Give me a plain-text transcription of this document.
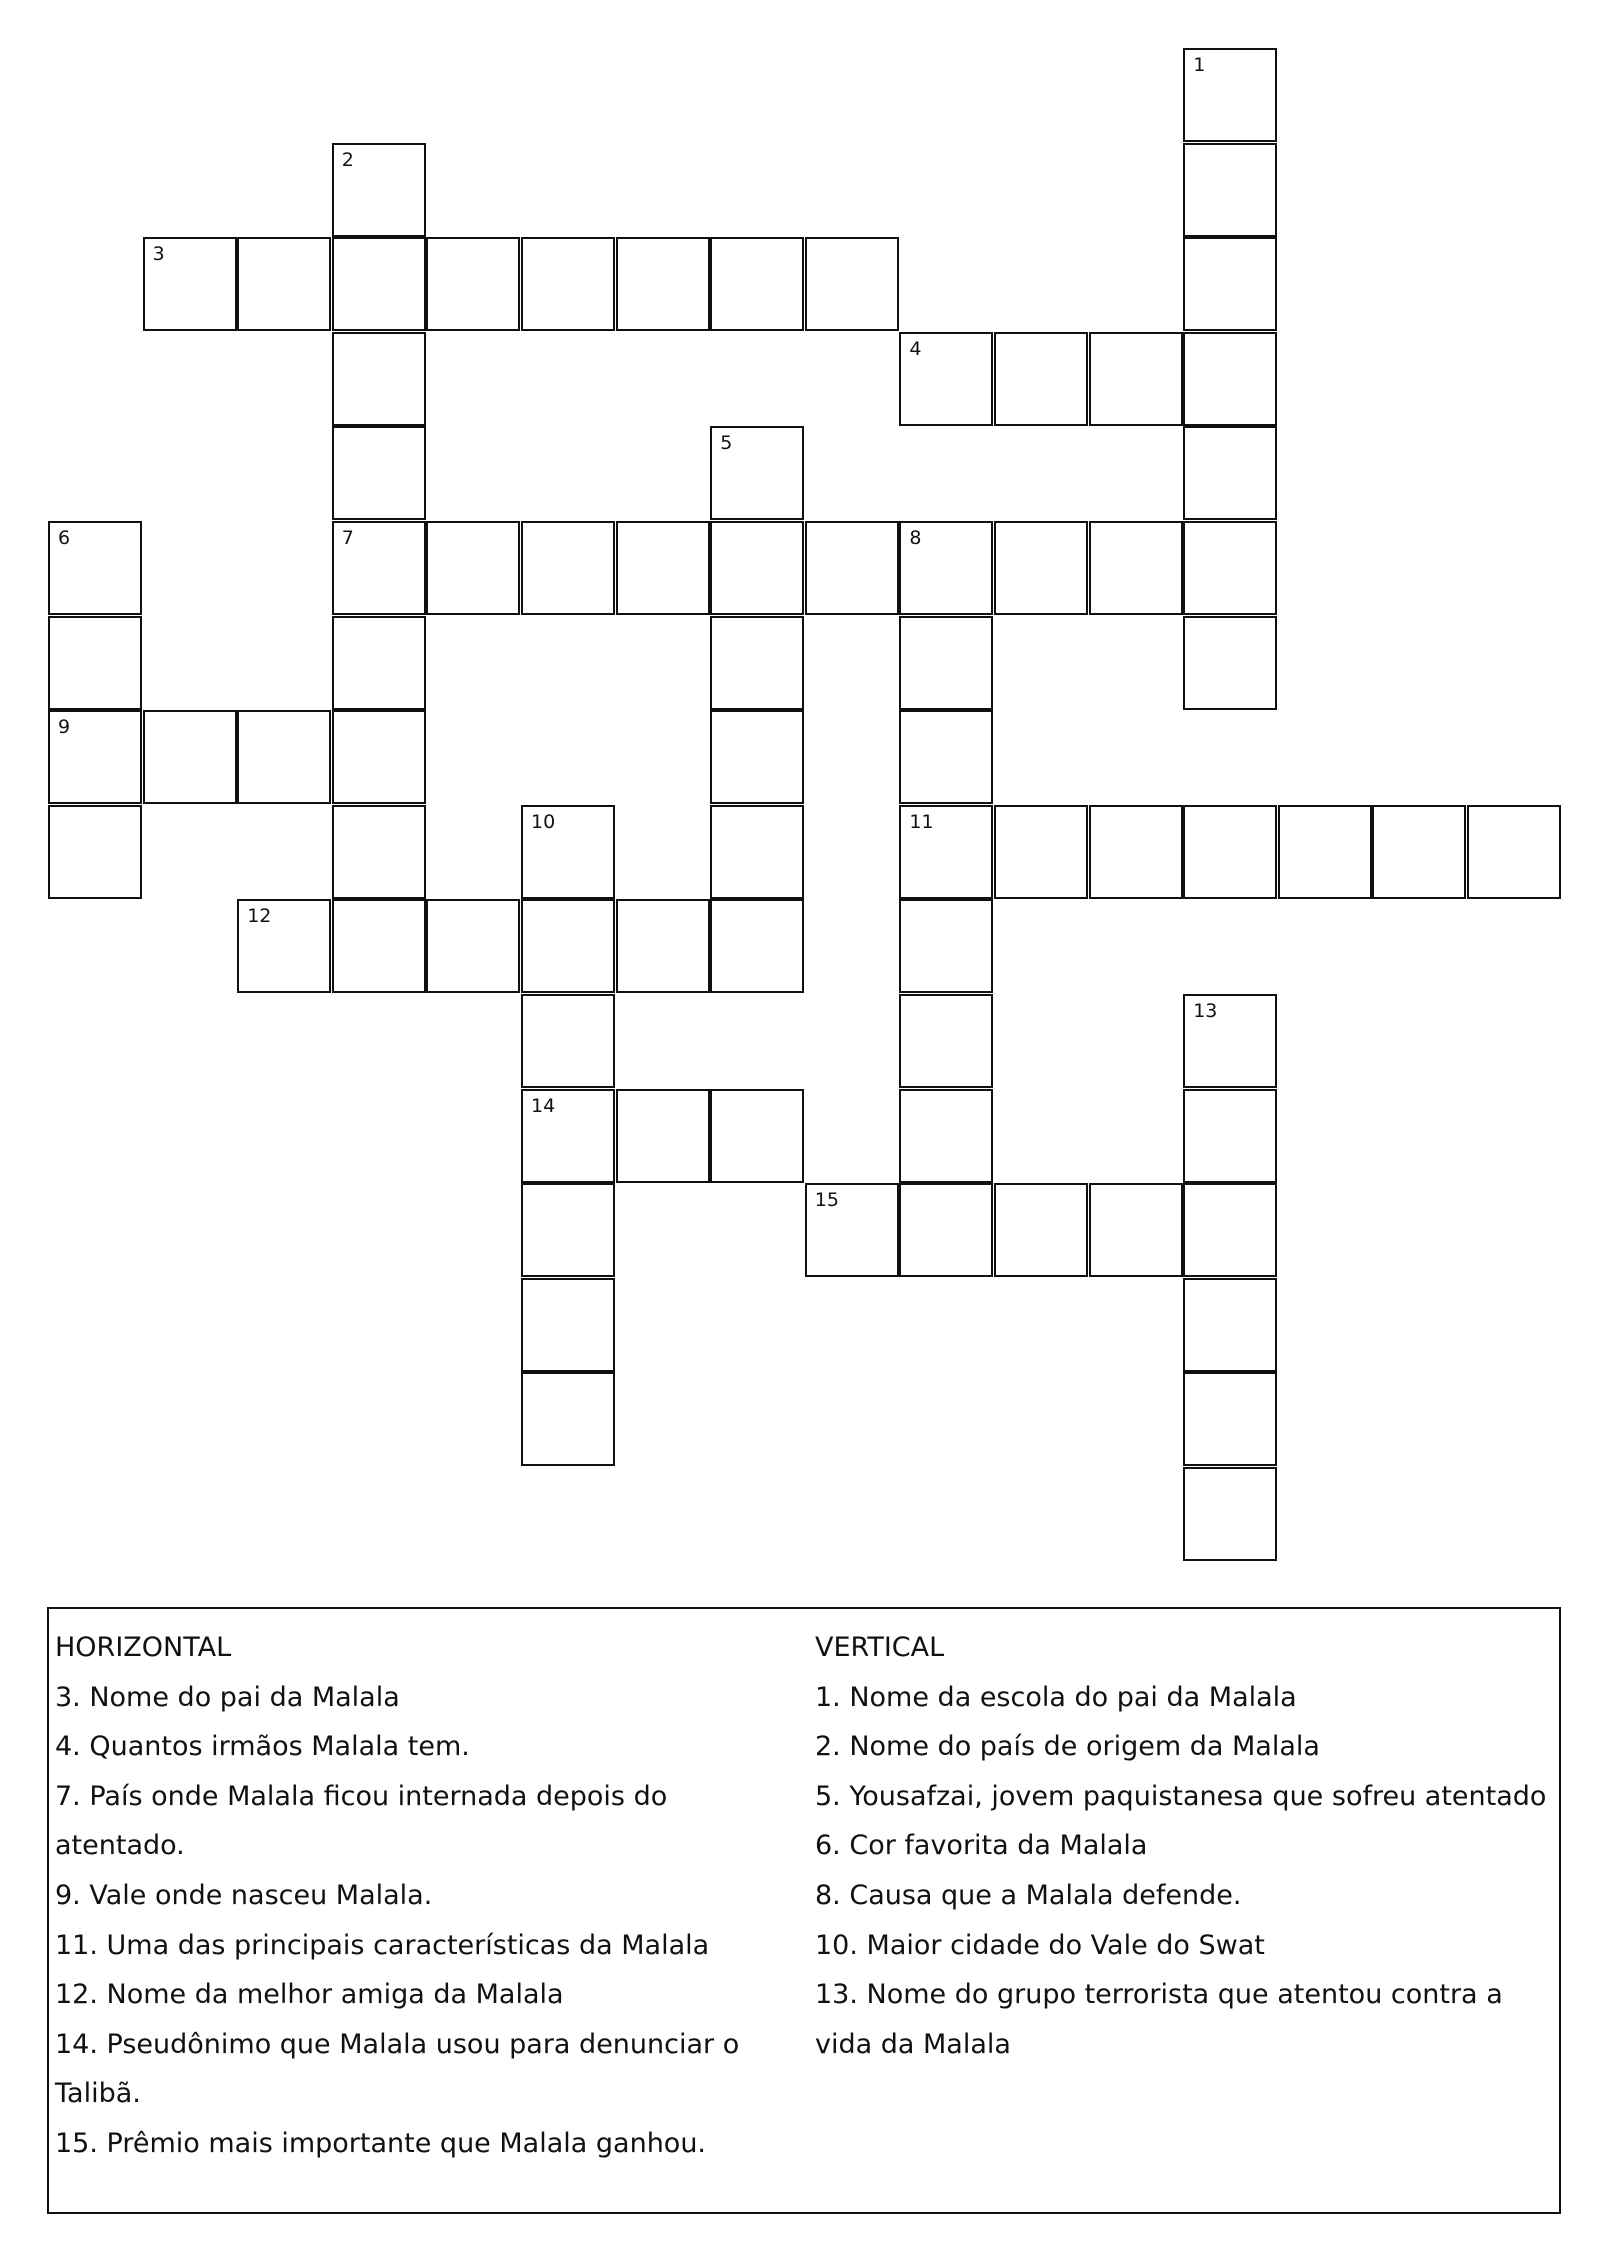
1
2
7
3
4
5
6
9
8
11
10
14
12
13
15
HORIZONTAL
3. Nome do pai da Malala
4. Quantos irmãos Malala tem.
7. País onde Malala ficou internada depois do
atentado.
9. Vale onde nasceu Malala.
11. Uma das principais características da Malala
12. Nome da melhor amiga da Malala
14. Pseudônimo que Malala usou para denunciar o
Talibã.
15. Prêmio mais importante que Malala ganhou.
VERTICAL
1. Nome da escola do pai da Malala
2. Nome do país de origem da Malala
5. Yousafzai, jovem paquistanesa que sofreu atentado
6. Cor favorita da Malala
8. Causa que a Malala defende.
10. Maior cidade do Vale do Swat
13. Nome do grupo terrorista que atentou contra a
vida da Malala
